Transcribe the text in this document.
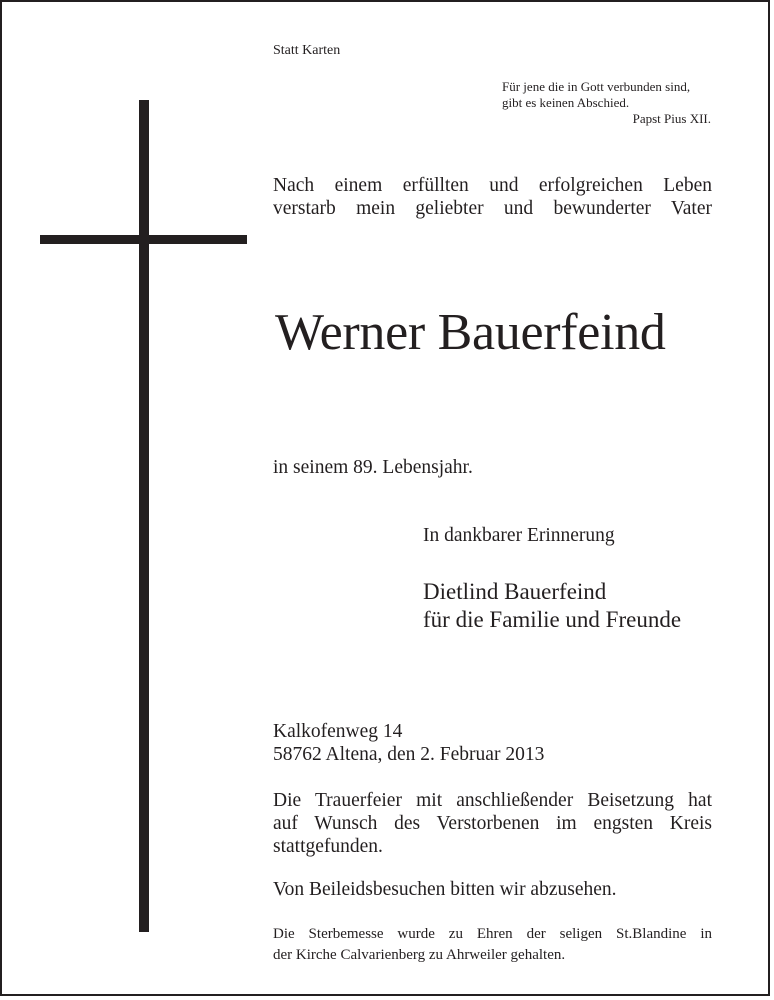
Statt Karten

Für jene die in Gott verbunden sind,
gibt es keinen Abschied.
Papst Pius XII.
Nach einem erfüllten und erfolgreichen Leben
verstarb mein geliebter und bewunderter Vater
Werner Bauerfeind

in seinem 89. Lebensjahr.

In dankbarer Erinnerung

Dietlind Bauerfeind
für die Familie und Freunde
Kalkofenweg 14
58762 Altena, den 2. Februar 2013
Die Trauerfeier mit anschließender Beisetzung hat
auf Wunsch des Verstorbenen im engsten Kreis
stattgefunden.

Von Beileidsbesuchen bitten wir abzusehen.

Die Sterbemesse wurde zu Ehren der seligen St.Blandine in
der Kirche Calvarienberg zu Ahrweiler gehalten.
